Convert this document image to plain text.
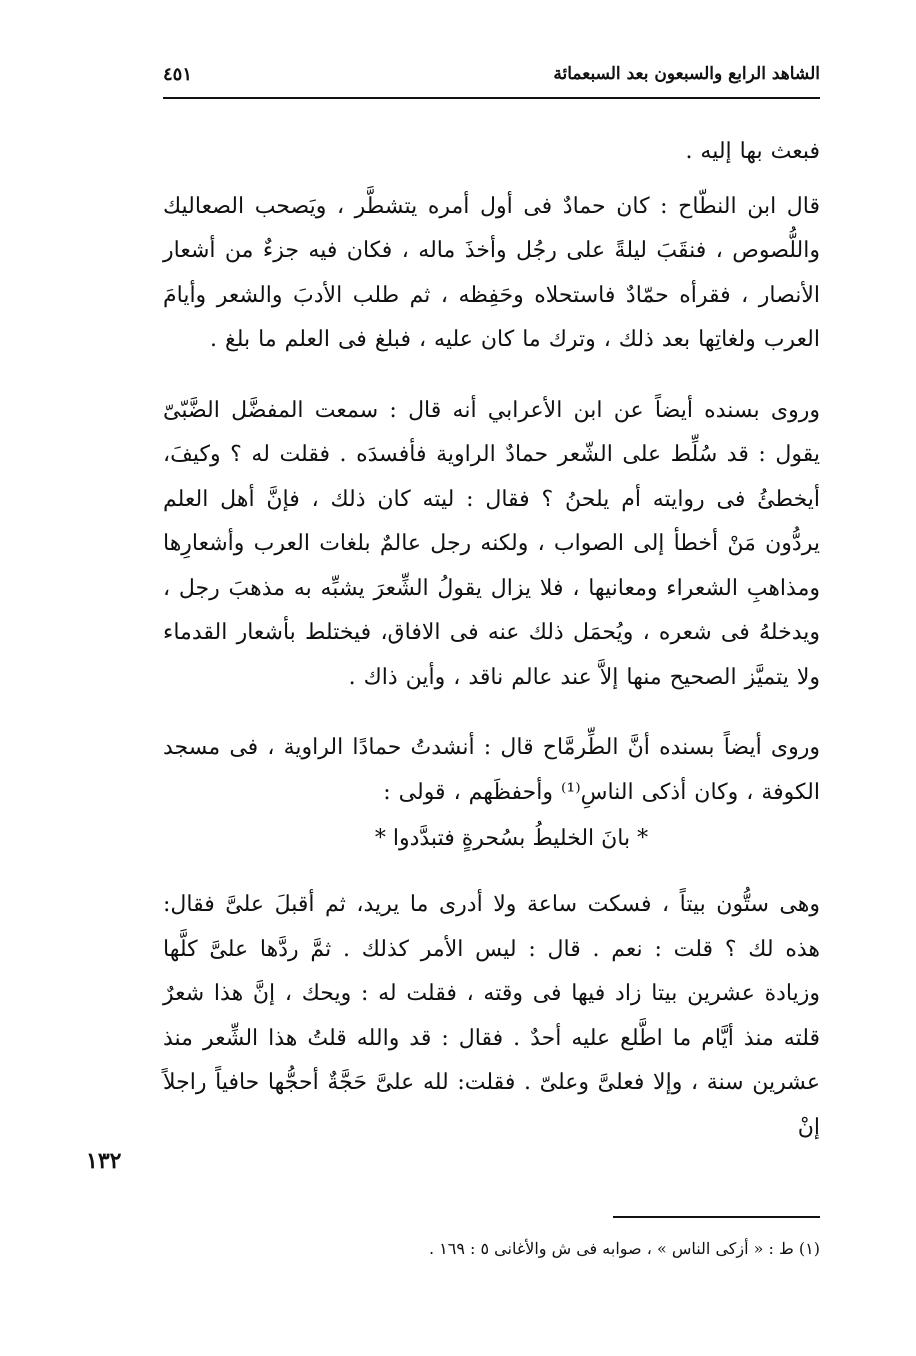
الشاهد الرابع والسبعون بعد السبعمائة
٤٥١

فبعث بها إليه .

قال ابن النطّاح : كان حمادٌ فى أول أمره يتشطَّر ، ويَصحب الصعاليك واللُّصوص ، فنقَبَ ليلةً على رجُل وأخذَ ماله ، فكان فيه جزءٌ من أشعار الأنصار ، فقرأه حمّادٌ فاستحلاه وحَفِظه ، ثم طلب الأدبَ والشعر وأيامَ العرب ولغاتِها بعد ذلك ، وترك ما كان عليه ، فبلغ فى العلم ما بلغ .

وروى بسنده أيضاً عن ابن الأعرابي أنه قال : سمعت المفضَّل الضَّبّىّ يقول : قد سُلِّط على الشّعر حمادٌ الراوية فأفسدَه . فقلت له ؟ وكيفَ، أيخطئُ فى روايته أم يلحنُ ؟ فقال : ليته كان ذلك ، فإنَّ أهل العلم يردُّون مَنْ أخطأ إلى الصواب ، ولكنه رجل عالمٌ بلغات العرب وأشعارِها ومذاهبِ الشعراء ومعانيها ، فلا يزال يقولُ الشِّعرَ يشبِّه به مذهبَ رجل ، ويدخلهُ فى شعره ، ويُحمَل ذلك عنه فى الافاق، فيختلط بأشعار القدماء ولا يتميَّز الصحيح منها إلاَّ عند عالم ناقد ، وأين ذاك .

وروى أيضاً بسنده أنَّ الطِّرمَّاح قال : أنشدتُ حمادًا الراوية ، فى مسجد الكوفة ، وكان أذكى الناسِ⁽¹⁾ وأحفظَهم ، قولى :

* بانَ الخليطُ بسُحرةٍ فتبدَّدوا *

وهى ستُّون بيتاً ، فسكت ساعة ولا أدرى ما يريد، ثم أقبلَ علىَّ فقال: هذه لك ؟ قلت : نعم . قال : ليس الأمر كذلك . ثمَّ ردَّها علىَّ كلَّها وزيادة عشرين بيتا زاد فيها فى وقته ، فقلت له : ويحك ، إنَّ هذا شعرٌ قلته منذ أيَّام ما اطَّلع عليه أحدٌ . فقال : قد والله قلتُ هذا الشِّعر منذ عشرين سنة ، وإلا فعلىَّ وعلىّ . فقلت: لله علىَّ حَجَّةٌ أحجُّها حافياً راجلاً إنْ

١٣٢
(١) ط : « أزكى الناس » ، صوابه فى ش والأغانى ٥ : ١٦٩ .
